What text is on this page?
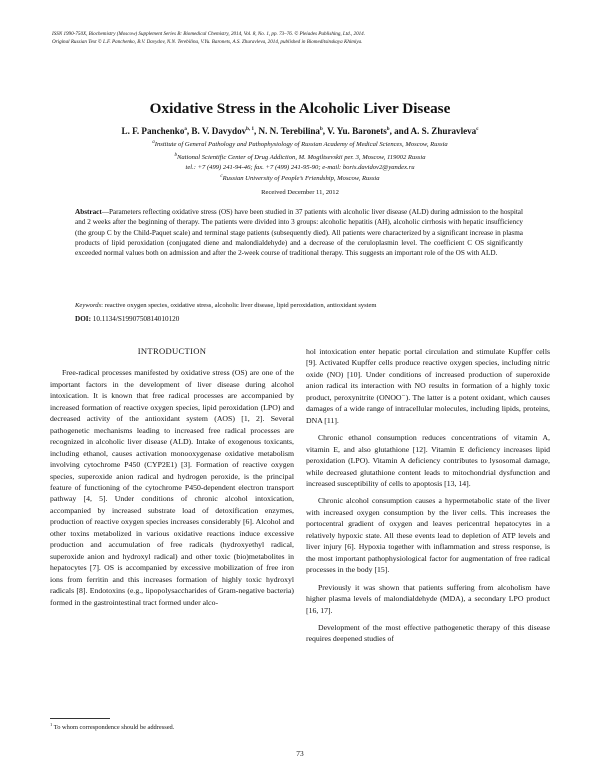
ISSN 1990-750X, Biochemistry (Moscow) Supplement Series B: Biomedical Chemistry, 2014, Vol. 8, No. 1, pp. 73–76. © Pleiades Publishing, Ltd., 2014.
Original Russian Text © L.F. Panchenko, B.V. Davydov, N.N. Terebilina, V.Yu. Baronets, A.S. Zhuravleva, 2014, published in Biomeditsinskaya Khimiya.
Oxidative Stress in the Alcoholic Liver Disease
L. F. Panchenko$^a$, B. V. Davydov$^{b, 1}$, N. N. Terebilina$^b$, V. Yu. Baronets$^b$, and A. S. Zhuravleva$^c$
$^a$Institute of General Pathology and Pathophysiology of Russian Academy of Medical Sciences, Moscow, Russia
$^b$National Scientific Center of Drug Addiction, M. Mogiltsevskii per. 3, Moscow, 119002 Russia
tel.: +7 (499) 241-94-46; fax. +7 (499) 241-95-90; e-mail: boris.davidov2@yandex.ru
$^c$Russian University of People’s Friendship, Moscow, Russia
Received December 11, 2012
Abstract—Parameters reflecting oxidative stress (OS) have been studied in 37 patients with alcoholic liver disease (ALD) during admission to the hospital and 2 weeks after the beginning of therapy. The patients were divided into 3 groups: alcoholic hepatitis (AH), alcoholic cirrhosis with hepatic insufficiency (the group C by the Child-Paquet scale) and terminal stage patients (subsequently died). All patients were characterized by a significant increase in plasma products of lipid peroxidation (conjugated diene and malondialdehyde) and a decrease of the ceruloplasmin level. The coefficient C OS significantly exceeded normal values both on admission and after the 2-week course of traditional therapy. This suggests an important role of the OS with ALD.
Keywords: reactive oxygen species, oxidative stress, alcoholic liver disease, lipid peroxidation, antioxidant system
DOI: 10.1134/S1990750814010120
INTRODUCTION

Free-radical processes manifested by oxidative stress (OS) are one of the important factors in the development of liver disease during alcohol intoxication. It is known that free radical processes are accompanied by increased formation of reactive oxygen species, lipid peroxidation (LPO) and decreased activity of the antioxidant system (AOS) [1, 2]. Several pathogenetic mechanisms leading to increased free radical processes are recognized in alcoholic liver disease (ALD). Intake of exogenous toxicants, including ethanol, causes activation monooxygenase oxidative metabolism involving cytochrome P450 (CYP2E1) [3]. Formation of reactive oxygen species, superoxide anion radical and hydrogen peroxide, is the principal feature of functioning of the cytochrome P450-dependent electron transport pathway [4, 5]. Under conditions of chronic alcohol intoxication, accompanied by increased substrate load of detoxification enzymes, production of reactive oxygen species increases considerably [6]. Alcohol and other toxins metabolized in various oxidative reactions induce excessive production and accumulation of free radicals (hydroxyethyl radical, superoxide anion and hydroxyl radical) and other toxic (bio)metabolites in hepatocytes [7]. OS is accompanied by excessive mobilization of free iron ions from ferritin and this increases formation of highly toxic hydroxyl radicals [8]. Endotoxins (e.g., lipopolysaccharides of Gram-negative bacteria) formed in the gastrointestinal tract formed under alco-

hol intoxication enter hepatic portal circulation and stimulate Kupffer cells [9]. Activated Kupffer cells produce reactive oxygen species, including nitric oxide (NO) [10]. Under conditions of increased production of superoxide anion radical its interaction with NO results in formation of a highly toxic product, peroxynitrite (ONOO⁻). The latter is a potent oxidant, which causes damages of a wide range of intracellular molecules, including lipids, proteins, DNA [11].

Chronic ethanol consumption reduces concentrations of vitamin A, vitamin E, and also glutathione [12]. Vitamin E deficiency increases lipid peroxidation (LPO). Vitamin A deficiency contributes to lysosomal damage, while decreased glutathione content leads to mitochondrial dysfunction and increased susceptibility of cells to apoptosis [13, 14].

Chronic alcohol consumption causes a hypermetabolic state of the liver with increased oxygen consumption by the liver cells. This increases the portocentral gradient of oxygen and leaves pericentral hepatocytes in a relatively hypoxic state. All these events lead to depletion of ATP levels and liver injury [6]. Hypoxia together with inflammation and stress response, is the most important pathophysiological factor for augmentation of free radical processes in the body [15].

Previously it was shown that patients suffering from alcoholism have higher plasma levels of malondialdehyde (MDA), a secondary LPO product [16, 17].

Development of the most effective pathogenetic therapy of this disease requires deepened studies of

$^1$ To whom correspondence should be addressed.
73
